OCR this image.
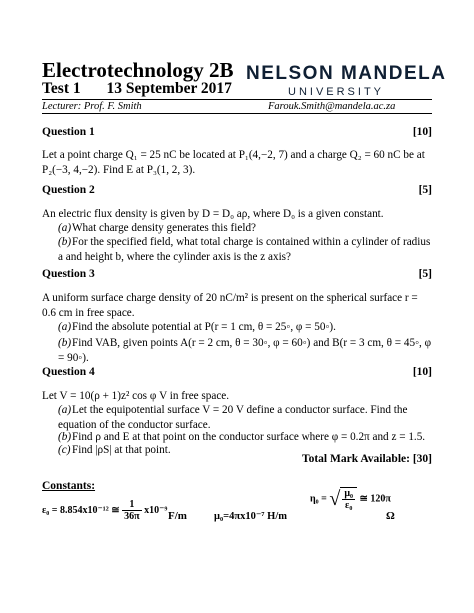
Electrotechnology 2B
Test 1 13 September 2017
NELSON MANDELA
UNIVERSITY
Lecturer: Prof. F. Smith	Farouk.Smith@mandela.ac.za
Question 1	[10]
Let a point charge Q₁ = 25 nC be located at P₁(4,−2, 7) and a charge Q₂ = 60 nC be at P₂(−3, 4,−2). Find E at P₃(1, 2, 3).
Question 2	[5]
An electric flux density is given by D = D₀ aρ, where D₀ is a given constant.
(a)What charge density generates this field?
(b)For the specified field, what total charge is contained within a cylinder of radius a and height b, where the cylinder axis is the z axis?
Question 3	[5]
A uniform surface charge density of 20 nC/m² is present on the spherical surface r = 0.6 cm in free space.
(a)Find the absolute potential at P(r = 1 cm, θ = 25◦, φ = 50◦).
(b)Find VAB, given points A(r = 2 cm, θ = 30◦, φ = 60◦) and B(r = 3 cm, θ = 45◦, φ = 90◦).
Question 4	[10]
Let V = 10(ρ + 1)z² cos φ V in free space.
(a)Let the equipotential surface V = 20 V define a conductor surface. Find the equation of the conductor surface.
(b)Find ρ and E at that point on the conductor surface where φ = 0.2π and z = 1.5.
(c) Find |ρS| at that point.
Total Mark Available: [30]
Constants:
ε₀ = 8.854x10⁻¹² ≅ $\frac{1}{36\pi} x10^{-9}$ F/m	μ₀=4πx10⁻⁷ H/m
η₀ = √ $\frac{\text{μ₀}}{\text{ε₀}}$ ≅ 120π
Ω
